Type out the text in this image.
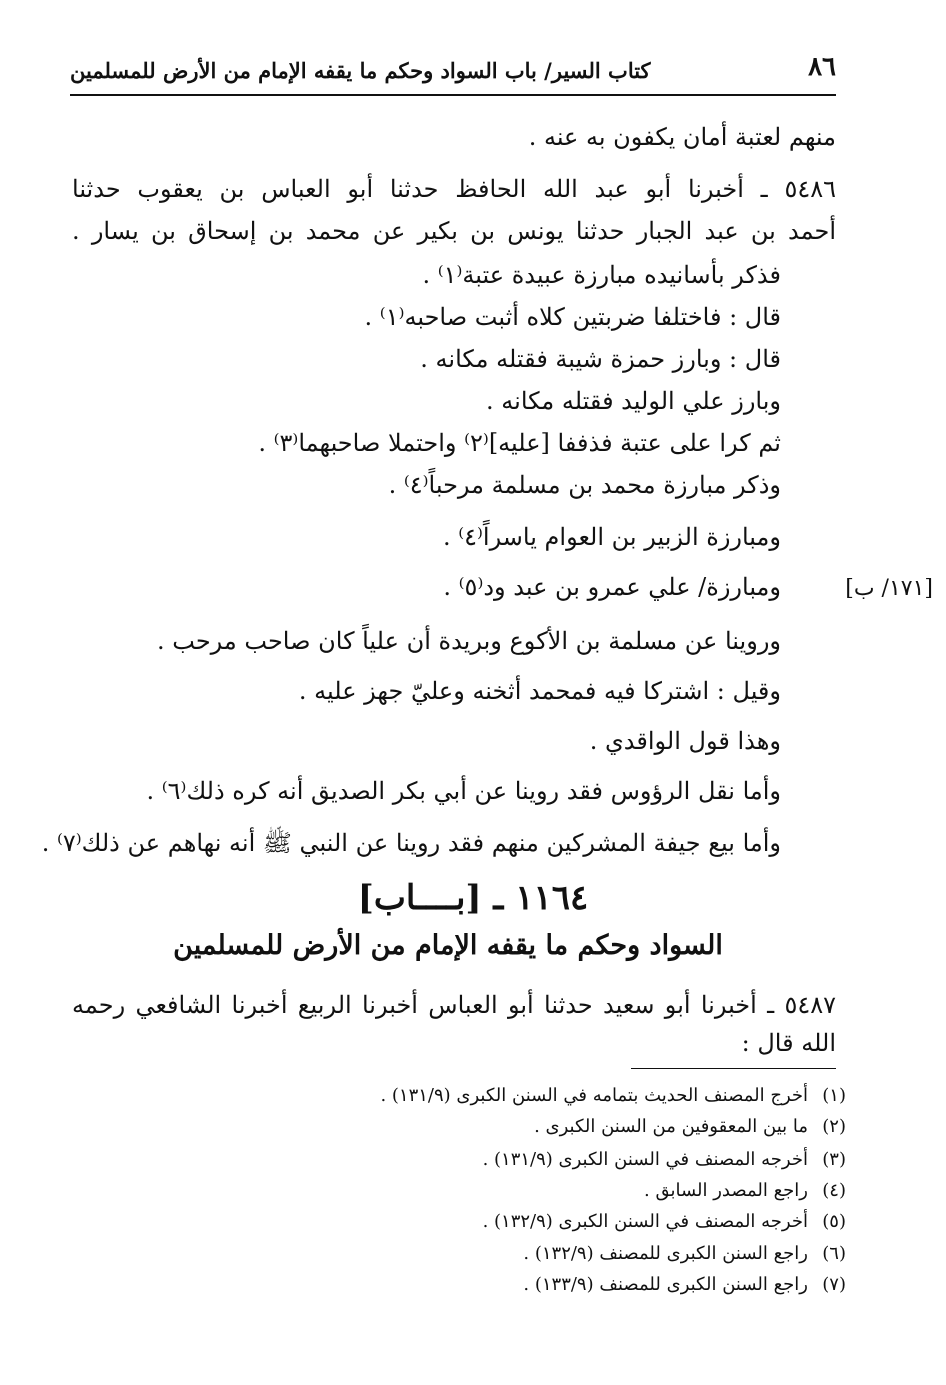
٨٦
كتاب السير/ باب السواد وحكم ما يقفه الإمام من الأرض للمسلمين
منهم لعتبة أمان يكفون به عنه .
٥٤٨٦ ـ أخبرنا أبو عبد الله الحافظ حدثنا أبو العباس بن يعقوب حدثنا
أحمد بن عبد الجبار حدثنا يونس بن بكير عن محمد بن إسحاق بن يسار .
فذكر بأسانيده مبارزة عبيدة عتبة⁽١⁾ .
قال : فاختلفا ضربتين كلاه أثبت صاحبه⁽١⁾ .
قال : وبارز حمزة شيبة فقتله مكانه .
وبارز علي الوليد فقتله مكانه .
ثم كرا على عتبة فذففا [عليه]⁽٢⁾ واحتملا صاحبهما⁽٣⁾ .
وذكر مبارزة محمد بن مسلمة مرحباً⁽٤⁾ .
ومبارزة الزبير بن العوام ياسراً⁽٤⁾ .
ومبارزة/ علي عمرو بن عبد ود⁽٥⁾ .
وروينا عن مسلمة بن الأكوع وبريدة أن علياً كان صاحب مرحب .
وقيل : اشتركا فيه فمحمد أثخنه وعليّ جهز عليه .
وهذا قول الواقدي .
وأما نقل الرؤوس فقد روينا عن أبي بكر الصديق أنه كره ذلك⁽٦⁾ .
وأما بيع جيفة المشركين منهم فقد روينا عن النبي ﷺ أنه نهاهم عن ذلك⁽٧⁾ .
[١٧١/ ب]
١١٦٤ ـ [بــــاب]
السواد وحكم ما يقفه الإمام من الأرض للمسلمين
٥٤٨٧ ـ أخبرنا أبو سعيد حدثنا أبو العباس أخبرنا الربيع أخبرنا الشافعي رحمه
الله قال :
(١)أخرج المصنف الحديث بتمامه في السنن الكبرى (١٣١/٩) .
(٢)ما بين المعقوفين من السنن الكبرى .
(٣)أخرجه المصنف في السنن الكبرى (١٣١/٩) .
(٤)راجع المصدر السابق .
(٥)أخرجه المصنف في السنن الكبرى (١٣٢/٩) .
(٦)راجع السنن الكبرى للمصنف (١٣٢/٩) .
(٧)راجع السنن الكبرى للمصنف (١٣٣/٩) .
